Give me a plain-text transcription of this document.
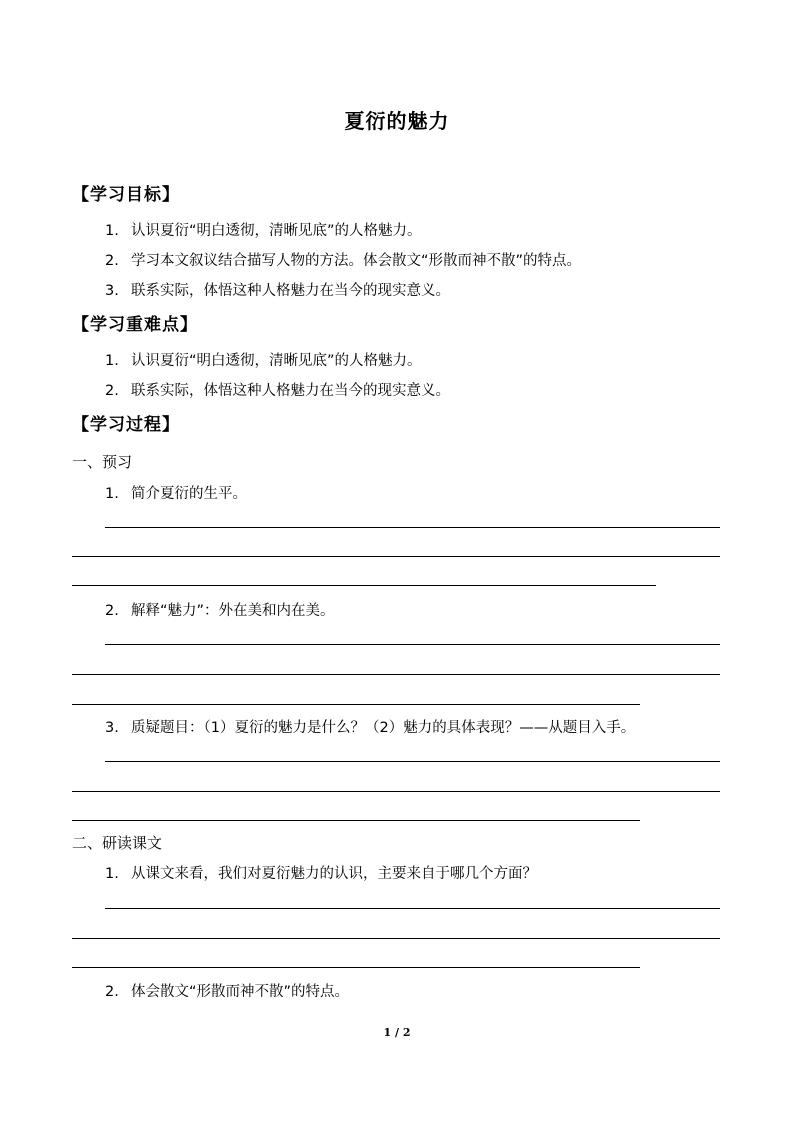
夏衍的魅力
【学习目标】
1. 认识夏衍“明白透彻，清晰见底”的人格魅力。
2. 学习本文叙议结合描写人物的方法。体会散文“形散而神不散”的特点。
3. 联系实际，体悟这种人格魅力在当今的现实意义。
【学习重难点】
1. 认识夏衍“明白透彻，清晰见底”的人格魅力。
2. 联系实际，体悟这种人格魅力在当今的现实意义。
【学习过程】
一、预习
1. 简介夏衍的生平。
2. 解释“魅力”：外在美和内在美。
3. 质疑题目：（1）夏衍的魅力是什么？（2）魅力的具体表现？——从题目入手。
二、研读课文
1. 从课文来看，我们对夏衍魅力的认识，主要来自于哪几个方面？
2. 体会散文“形散而神不散”的特点。
1 / 2
